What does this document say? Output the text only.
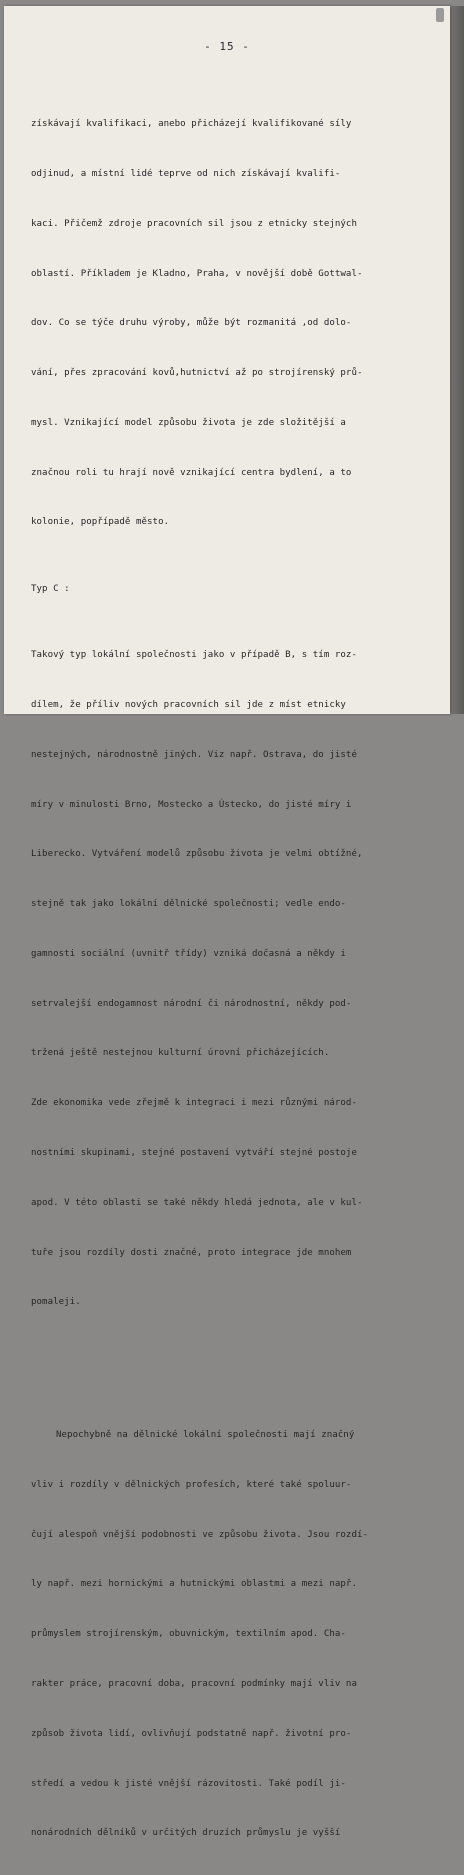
- 15 -

získávají kvalifikaci, anebo přicházejí kvalifikované síly

odjinud, a místní lidé teprve od nich získávají kvalifi-

kaci. Přičemž zdroje pracovních sil jsou z etnicky stejných

oblastí. Příkladem je Kladno, Praha, v novější době Gottwal-

dov. Co se týče druhu výroby, může být rozmanitá ,od dolo-

vání, přes zpracování kovů,hutnictví až po strojírenský prů-

mysl. Vznikající model způsobu života je zde složitější a

značnou roli tu hrají nově vznikající centra bydlení, a to

kolonie, popřípadě město.

Typ C :

Takový typ lokální společnosti jako v případě B, s tím roz-

dílem, že příliv nových pracovních sil jde z míst etnicky

nestejných, národnostně jiných. Viz např. Ostrava, do jisté

míry v minulosti Brno, Mostecko a Ústecko, do jisté míry i

Liberecko. Vytváření modelů způsobu života je velmi obtížné,

stejně tak jako lokální dělnické společnosti; vedle endo-

gamnosti sociální (uvnitř třídy) vzniká dočasná a někdy i

setrvalejší endogamnost národní či národnostní, někdy pod-

tržená ještě nestejnou kulturní úrovní přicházejících.

Zde ekonomika vede zřejmě k integraci i mezi různými národ-

nostními skupinami, stejné postavení vytváří stejné postoje

apod. V této oblasti se také někdy hledá jednota, ale v kul-

tuře jsou rozdíly dosti značné, proto integrace jde mnohem

pomaleji.

Nepochybně na dělnické lokální společnosti mají značný

vliv i rozdíly v dělnických profesích, které také spoluur-

čují alespoň vnější podobnosti ve způsobu života. Jsou rozdí-

ly např. mezi hornickými a hutnickými oblastmi a mezi např.

průmyslem strojírenským, obuvnickým, textilním apod. Cha-

rakter práce, pracovní doba, pracovní podmínky mají vliv na

způsob života lidí, ovlivňují podstatně např. životní pro-

středí a vedou k jisté vnější rázovitosti. Také podíl ji-

nonárodních dělníků v určitých druzích průmyslu je vyšší
